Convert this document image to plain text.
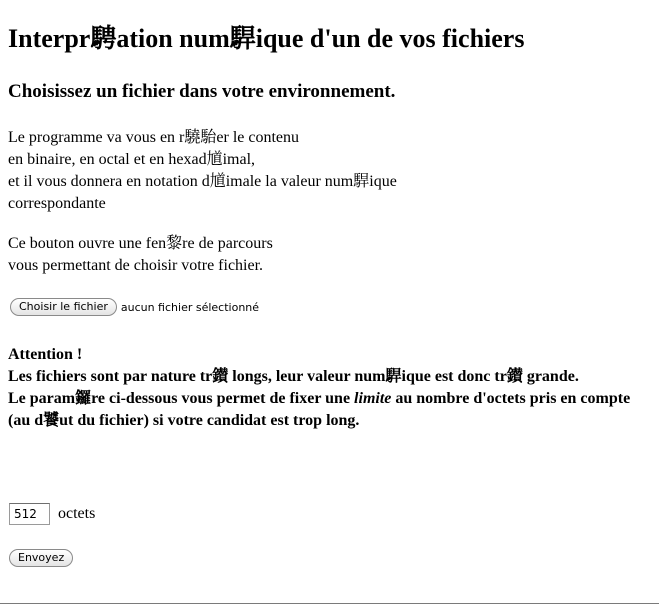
Interpr騁ation num駻ique d'un de vos fichiers
Choisissez un fichier dans votre environnement.

Le programme va vous en r驍駘er le contenu
en binaire, en octal et en hexad馗imal,
et il vous donnera en notation d馗imale la valeur num駻ique
correspondante

Ce bouton ouvre une fen黎re de parcours
vous permettant de choisir votre fichier.

Choisir le fichier	aucun fichier sélectionné
Attention !
Les fichiers sont par nature tr鑚 longs, leur valeur num駻ique est donc tr鑚 grande.
Le param鑼re ci-dessous vous permet de fixer une limite au nombre d'octets pris en compte
(au d饕ut du fichier) si votre candidat est trop long.
512
octets
Envoyez
